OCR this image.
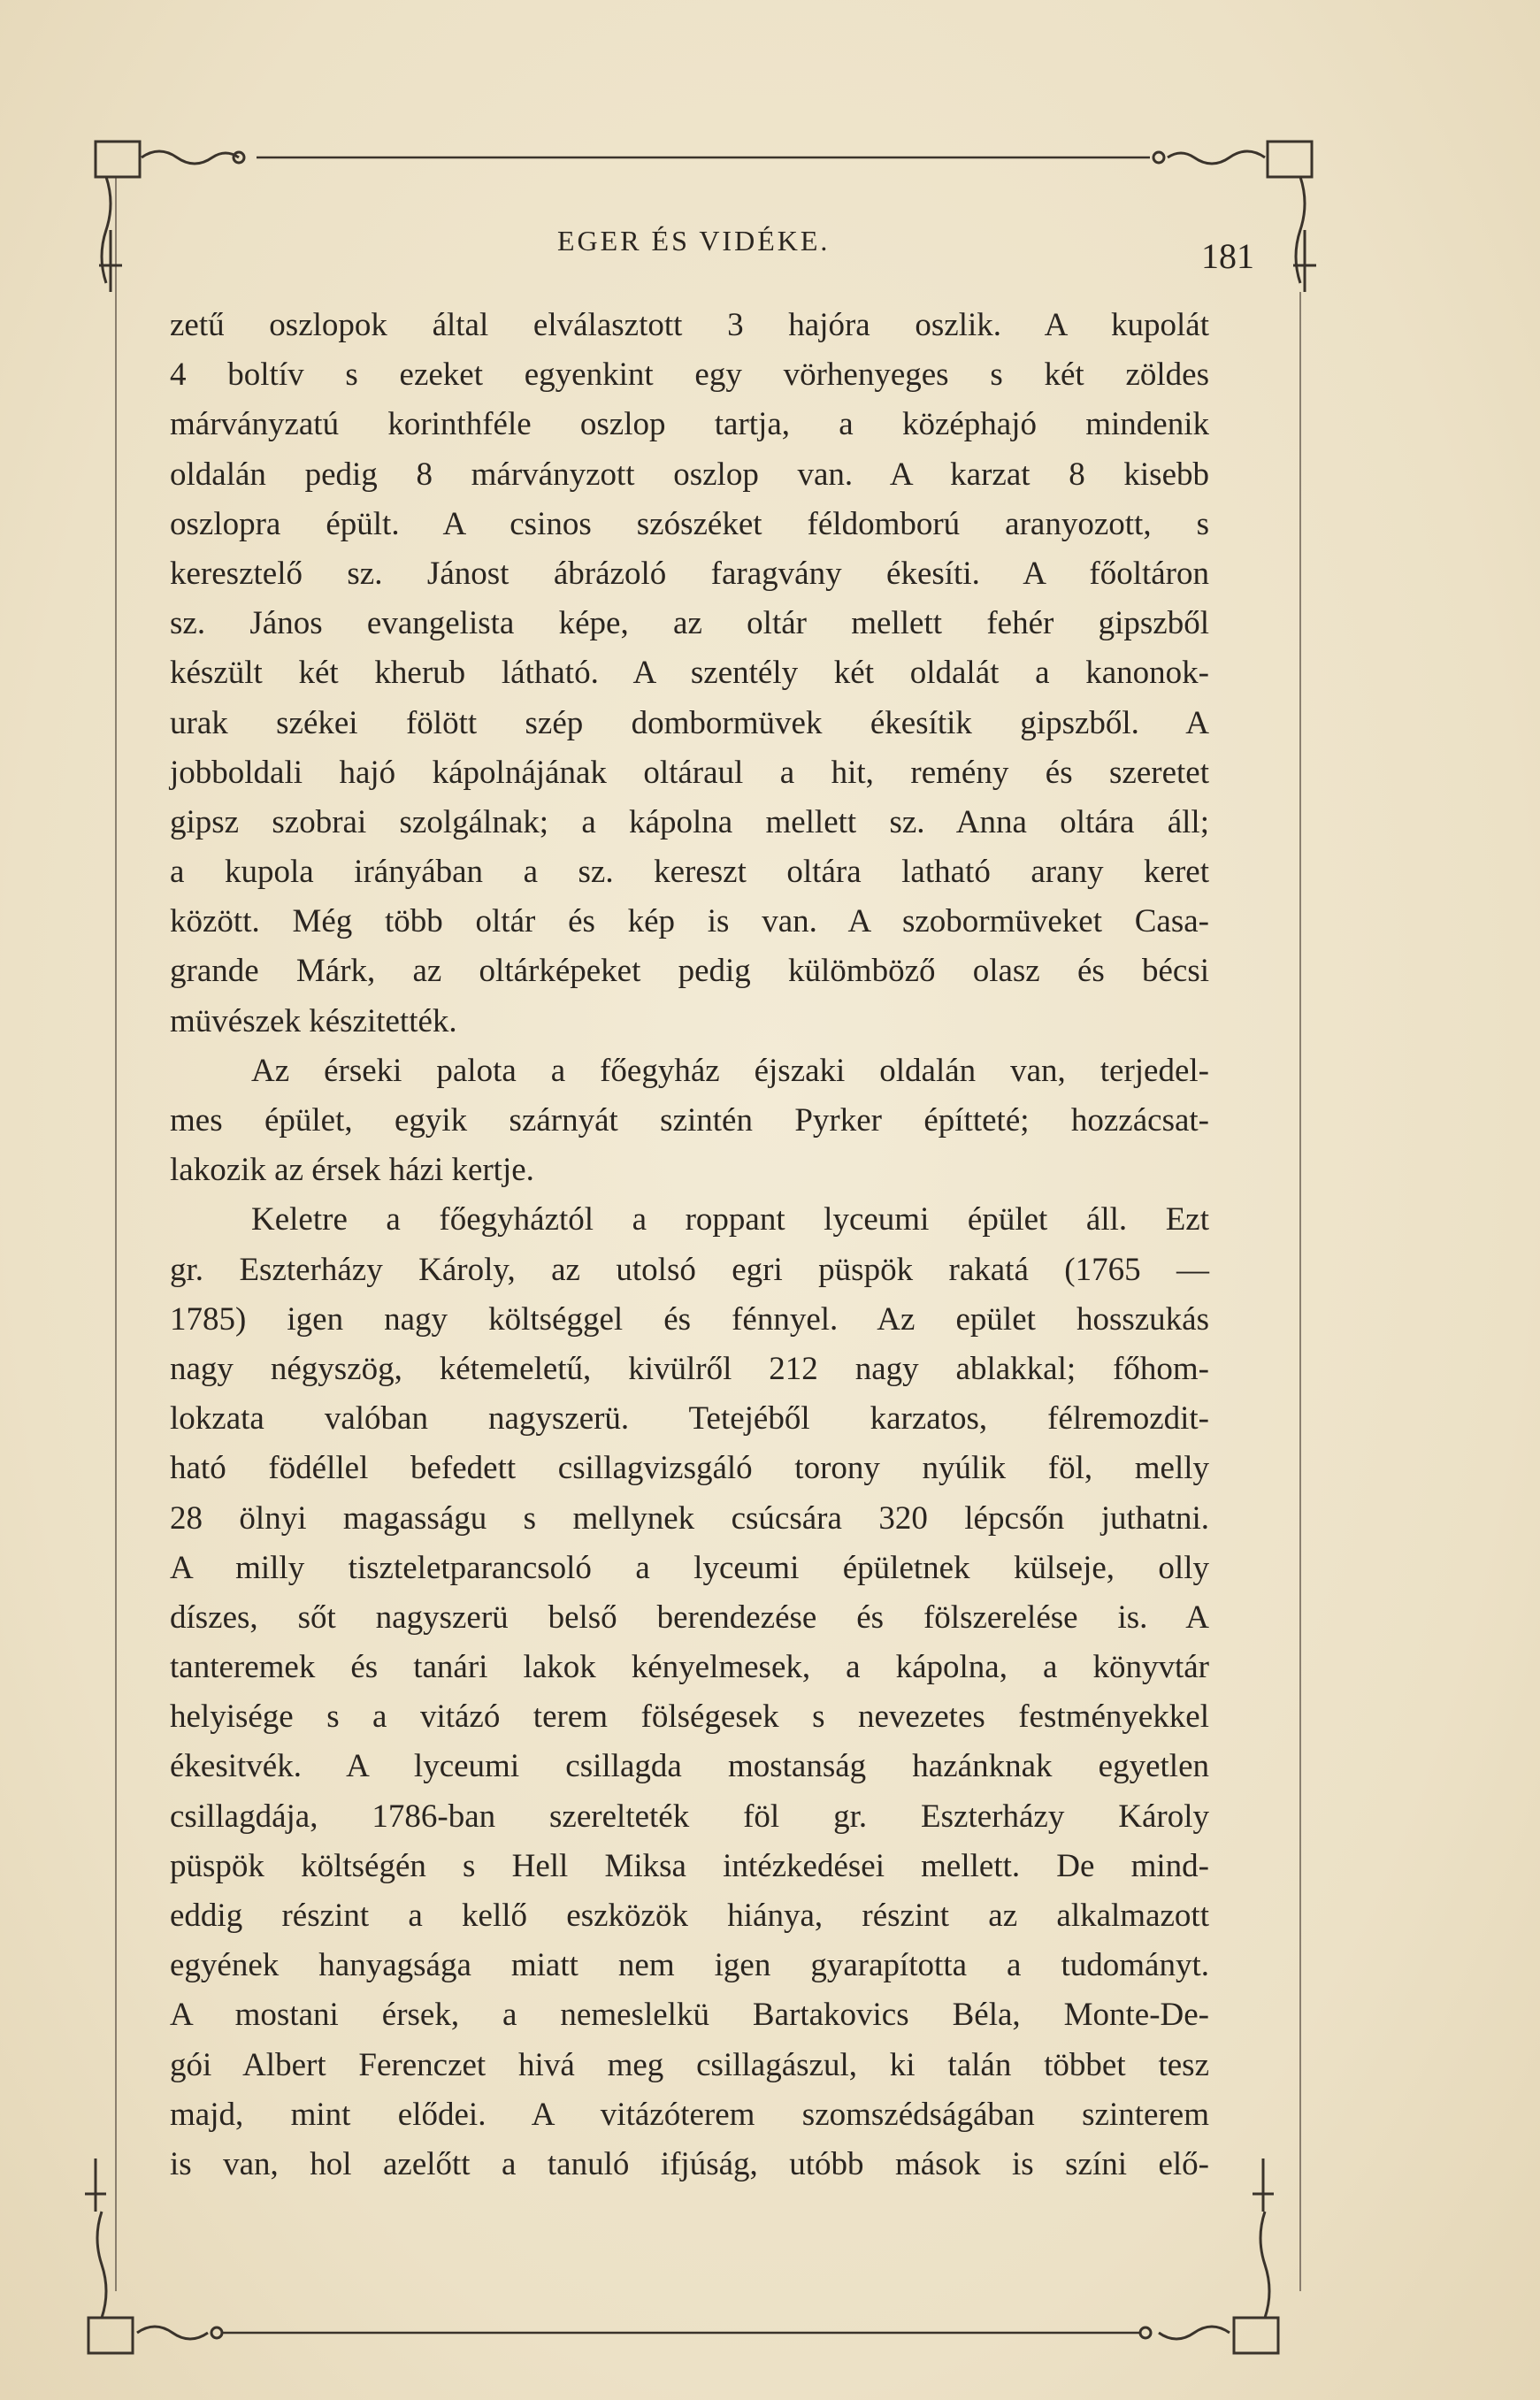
EGER ÉS VIDÉKE.	181
zetű oszlopok által elválasztott 3 hajóra oszlik. A kupolát
4 boltív s ezeket egyenkint egy vörhenyeges s két zöldes
márványzatú korinthféle oszlop tartja, a középhajó mindenik
oldalán pedig 8 márványzott oszlop van. A karzat 8 kisebb
oszlopra épült. A csinos szószéket féldomború aranyozott, s
keresztelő sz. Jánost ábrázoló faragvány ékesíti. A főoltáron
sz. János evangelista képe, az oltár mellett fehér gipszből
készült két kherub látható. A szentély két oldalát a kanonok-
urak székei fölött szép dombormüvek ékesítik gipszből. A
jobboldali hajó kápolnájának oltáraul a hit, remény és szeretet
gipsz szobrai szolgálnak; a kápolna mellett sz. Anna oltára áll;
a kupola irányában a sz. kereszt oltára latható arany keret
között. Még több oltár és kép is van. A szobormüveket Casa-
grande Márk, az oltárképeket pedig külömböző olasz és bécsi
müvészek készitették.
Az érseki palota a főegyház éjszaki oldalán van, terjedel-
mes épület, egyik szárnyát szintén Pyrker építteté; hozzácsat-
lakozik az érsek házi kertje.
Keletre a főegyháztól a roppant lyceumi épület áll. Ezt
gr. Eszterházy Károly, az utolsó egri püspök rakatá (1765 —
1785) igen nagy költséggel és fénnyel. Az epület hosszukás
nagy négyszög, kétemeletű, kivülről 212 nagy ablakkal; főhom-
lokzata valóban nagyszerü. Tetejéből karzatos, félremozdit-
ható födéllel befedett csillagvizsgáló torony nyúlik föl, melly
28 ölnyi magasságu s mellynek csúcsára 320 lépcsőn juthatni.
A milly tiszteletparancsoló a lyceumi épületnek külseje, olly
díszes, sőt nagyszerü belső berendezése és fölszerelése is. A
tanteremek és tanári lakok kényelmesek, a kápolna, a könyvtár
helyisége s a vitázó terem fölségesek s nevezetes festményekkel
ékesitvék. A lyceumi csillagda mostanság hazánknak egyetlen
csillagdája, 1786-ban szerelteték föl gr. Eszterházy Károly
püspök költségén s Hell Miksa intézkedései mellett. De mind-
eddig részint a kellő eszközök hiánya, részint az alkalmazott
egyének hanyagsága miatt nem igen gyarapította a tudományt.
A mostani érsek, a nemeslelkü Bartakovics Béla, Monte-De-
gói Albert Ferenczet hivá meg csillagászul, ki talán többet tesz
majd, mint elődei. A vitázóterem szomszédságában szinterem
is van, hol azelőtt a tanuló ifjúság, utóbb mások is színi elő-
